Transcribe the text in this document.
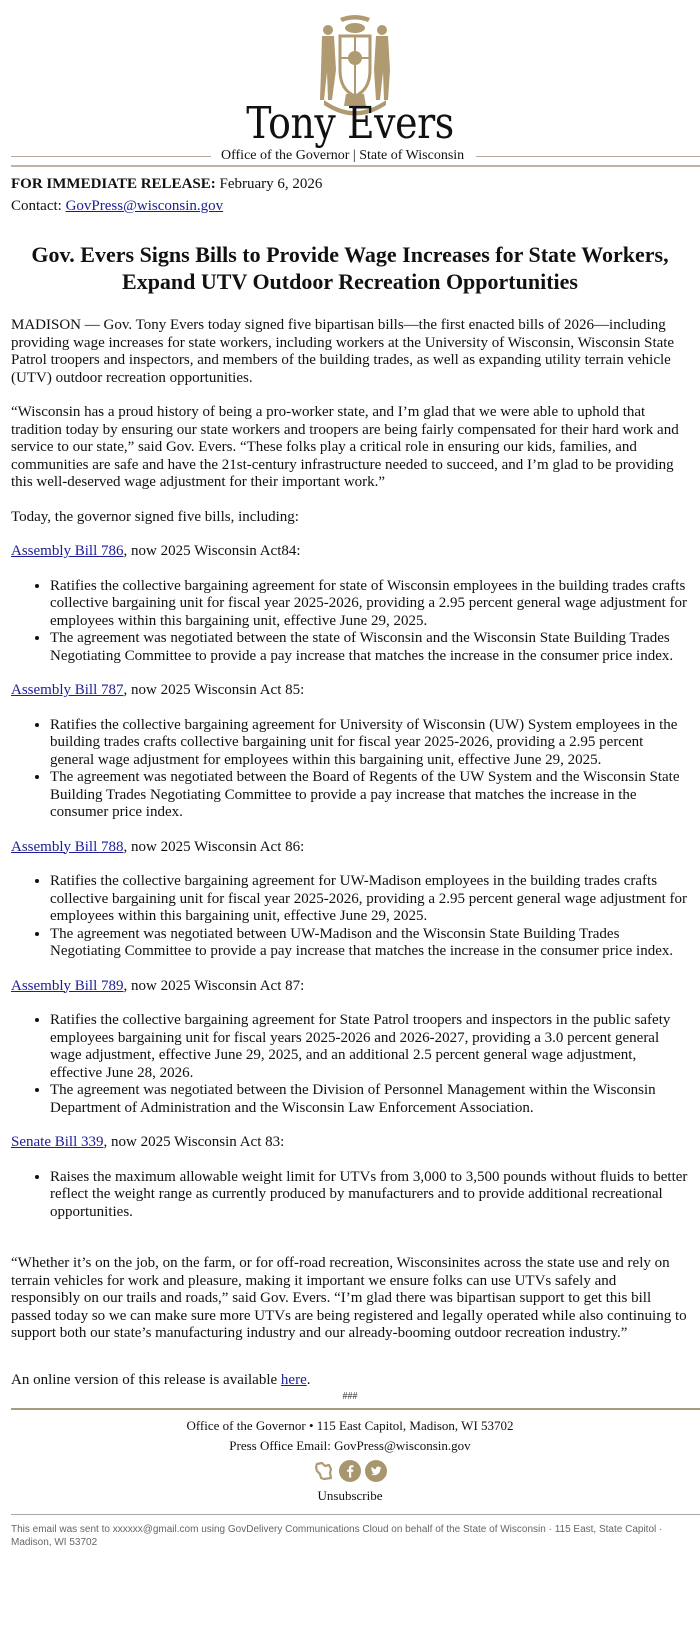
Tony Evers
Office of the Governor | State of Wisconsin
FOR IMMEDIATE RELEASE: February 6, 2026
Contact: GovPress@wisconsin.gov
Gov. Evers Signs Bills to Provide Wage Increases for State Workers, Expand UTV Outdoor Recreation Opportunities

MADISON — Gov. Tony Evers today signed five bipartisan bills—the first enacted bills of 2026—including providing wage increases for state workers, including workers at the University of Wisconsin, Wisconsin State Patrol troopers and inspectors, and members of the building trades, as well as expanding utility terrain vehicle (UTV) outdoor recreation opportunities.

“Wisconsin has a proud history of being a pro-worker state, and I’m glad that we were able to uphold that tradition today by ensuring our state workers and troopers are being fairly compensated for their hard work and service to our state,” said Gov. Evers. “These folks play a critical role in ensuring our kids, families, and communities are safe and have the 21st-century infrastructure needed to succeed, and I’m glad to be providing this well-deserved wage adjustment for their important work.”

Today, the governor signed five bills, including:

Assembly Bill 786, now 2025 Wisconsin Act84:
• Ratifies the collective bargaining agreement for state of Wisconsin employees in the building trades crafts collective bargaining unit for fiscal year 2025-2026, providing a 2.95 percent general wage adjustment for employees within this bargaining unit, effective June 29, 2025.
• The agreement was negotiated between the state of Wisconsin and the Wisconsin State Building Trades Negotiating Committee to provide a pay increase that matches the increase in the consumer price index.
Assembly Bill 787, now 2025 Wisconsin Act 85:
• Ratifies the collective bargaining agreement for University of Wisconsin (UW) System employees in the building trades crafts collective bargaining unit for fiscal year 2025-2026, providing a 2.95 percent general wage adjustment for employees within this bargaining unit, effective June 29, 2025.
• The agreement was negotiated between the Board of Regents of the UW System and the Wisconsin State Building Trades Negotiating Committee to provide a pay increase that matches the increase in the consumer price index.
Assembly Bill 788, now 2025 Wisconsin Act 86:
• Ratifies the collective bargaining agreement for UW-Madison employees in the building trades crafts collective bargaining unit for fiscal year 2025-2026, providing a 2.95 percent general wage adjustment for employees within this bargaining unit, effective June 29, 2025.
• The agreement was negotiated between UW-Madison and the Wisconsin State Building Trades Negotiating Committee to provide a pay increase that matches the increase in the consumer price index.
Assembly Bill 789, now 2025 Wisconsin Act 87:
• Ratifies the collective bargaining agreement for State Patrol troopers and inspectors in the public safety employees bargaining unit for fiscal years 2025-2026 and 2026-2027, providing a 3.0 percent general wage adjustment, effective June 29, 2025, and an additional 2.5 percent general wage adjustment, effective June 28, 2026.
• The agreement was negotiated between the Division of Personnel Management within the Wisconsin Department of Administration and the Wisconsin Law Enforcement Association.
Senate Bill 339, now 2025 Wisconsin Act 83:
• Raises the maximum allowable weight limit for UTVs from 3,000 to 3,500 pounds without fluids to better reflect the weight range as currently produced by manufacturers and to provide additional recreational opportunities.

“Whether it’s on the job, on the farm, or for off-road recreation, Wisconsinites across the state use and rely on terrain vehicles for work and pleasure, making it important we ensure folks can use UTVs safely and responsibly on our trails and roads,” said Gov. Evers. “I’m glad there was bipartisan support to get this bill passed today so we can make sure more UTVs are being registered and legally operated while also continuing to support both our state’s manufacturing industry and our already-booming outdoor recreation industry.”

An online version of this release is available here.

###
Office of the Governor • 115 East Capitol, Madison, WI 53702
Press Office Email: GovPress@wisconsin.gov
Unsubscribe
This email was sent to xxxxxx@gmail.com using GovDelivery Communications Cloud on behalf of the State of Wisconsin · 115 East, State Capitol · Madison, WI 53702
